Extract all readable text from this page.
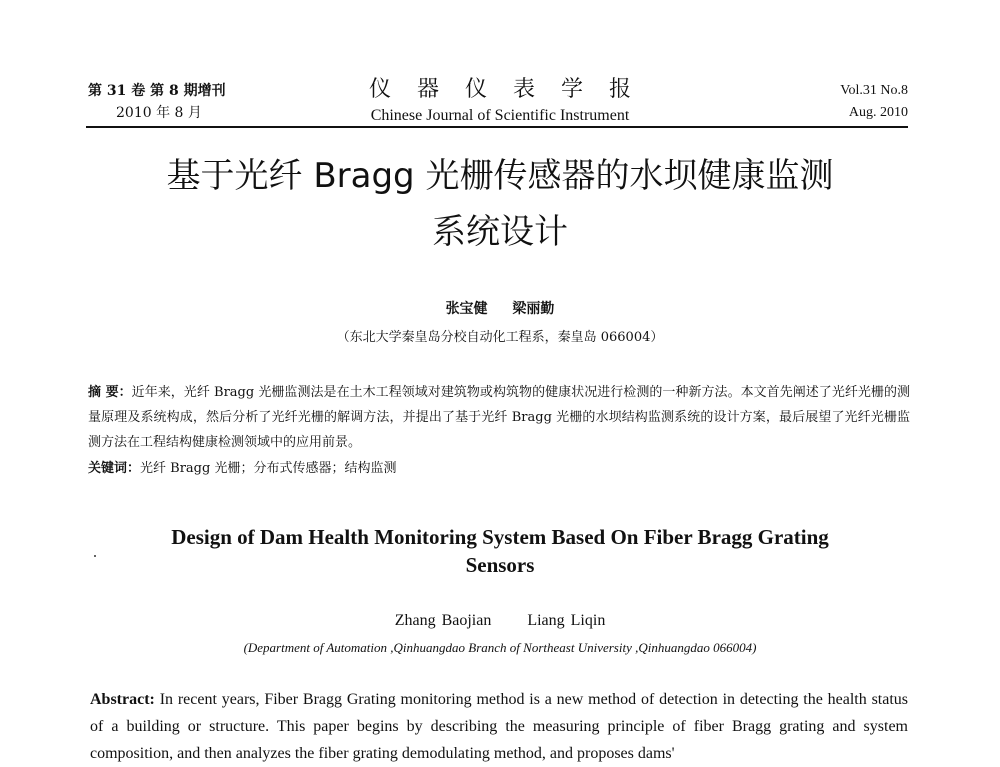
第 31 卷 第 8 期增刊
2010 年 8 月
仪器仪表学报
Chinese Journal of Scientific Instrument
Vol.31 No.8
Aug. 2010
基于光纤 Bragg 光栅传感器的水坝健康监测
系统设计
张宝健 梁丽勤
（东北大学秦皇岛分校自动化工程系，秦皇岛 066004）
摘 要：近年来，光纤 Bragg 光栅监测法是在土木工程领域对建筑物或构筑物的健康状况进行检测的一种新方法。本文首先阐述了光纤光栅的测量原理及系统构成，然后分析了光纤光栅的解调方法，并提出了基于光纤 Bragg 光栅的水坝结构监测系统的设计方案，最后展望了光纤光栅监测方法在工程结构健康检测领域中的应用前景。
关键词：光纤 Bragg 光栅；分布式传感器；结构监测
Design of Dam Health Monitoring System Based On Fiber Bragg Grating
Sensors
Zhang Baojian Liang Liqin
(Department of Automation ,Qinhuangdao Branch of Northeast University ,Qinhuangdao 066004)
Abstract: In recent years, Fiber Bragg Grating monitoring method is a new method of detection in detecting the health status of a building or structure. This paper begins by describing the measuring principle of fiber Bragg grating and system composition, and then analyzes the fiber grating demodulating method, and proposes dams'
